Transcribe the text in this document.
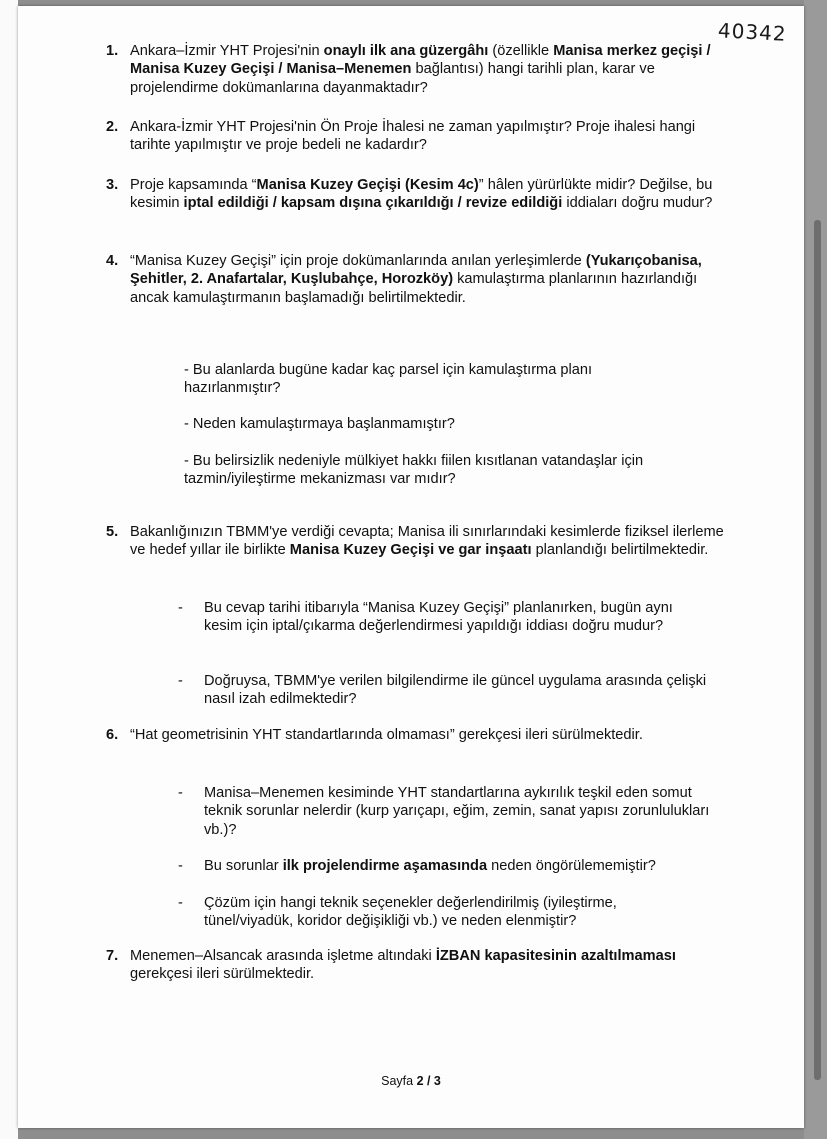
40342
1. Ankara–İzmir YHT Projesi'nin onaylı ilk ana güzergâhı (özellikle Manisa merkez geçişi / Manisa Kuzey Geçişi / Manisa–Menemen bağlantısı) hangi tarihli plan, karar ve projelendirme dokümanlarına dayanmaktadır?
2. Ankara-İzmir YHT Projesi'nin Ön Proje İhalesi ne zaman yapılmıştır? Proje ihalesi hangi tarihte yapılmıştır ve proje bedeli ne kadardır?
3. Proje kapsamında “Manisa Kuzey Geçişi (Kesim 4c)” hâlen yürürlükte midir? Değilse, bu kesimin iptal edildiği / kapsam dışına çıkarıldığı / revize edildiği iddiaları doğru mudur?
4. “Manisa Kuzey Geçişi” için proje dokümanlarında anılan yerleşimlerde (Yukarıçobanisa, Şehitler, 2. Anafartalar, Kuşlubahçe, Horozköy) kamulaştırma planlarının hazırlandığı ancak kamulaştırmanın başlamadığı belirtilmektedir.
- Bu alanlarda bugüne kadar kaç parsel için kamulaştırma planı hazırlanmıştır?
- Neden kamulaştırmaya başlanmamıştır?
- Bu belirsizlik nedeniyle mülkiyet hakkı fiilen kısıtlanan vatandaşlar için tazmin/iyileştirme mekanizması var mıdır?
5. Bakanlığınızın TBMM'ye verdiği cevapta; Manisa ili sınırlarındaki kesimlerde fiziksel ilerleme ve hedef yıllar ile birlikte Manisa Kuzey Geçişi ve gar inşaatı planlandığı belirtilmektedir.
- Bu cevap tarihi itibarıyla “Manisa Kuzey Geçişi” planlanırken, bugün aynı kesim için iptal/çıkarma değerlendirmesi yapıldığı iddiası doğru mudur?
- Doğruysa, TBMM'ye verilen bilgilendirme ile güncel uygulama arasında çelişki nasıl izah edilmektedir?
6. “Hat geometrisinin YHT standartlarında olmaması” gerekçesi ileri sürülmektedir.
- Manisa–Menemen kesiminde YHT standartlarına aykırılık teşkil eden somut teknik sorunlar nelerdir (kurp yarıçapı, eğim, zemin, sanat yapısı zorunlulukları vb.)?
- Bu sorunlar ilk projelendirme aşamasında neden öngörülememiştir?
- Çözüm için hangi teknik seçenekler değerlendirilmiş (iyileştirme, tünel/viyadük, koridor değişikliği vb.) ve neden elenmiştir?
7. Menemen–Alsancak arasında işletme altındaki İZBAN kapasitesinin azaltılmaması gerekçesi ileri sürülmektedir.
Sayfa 2 / 3
